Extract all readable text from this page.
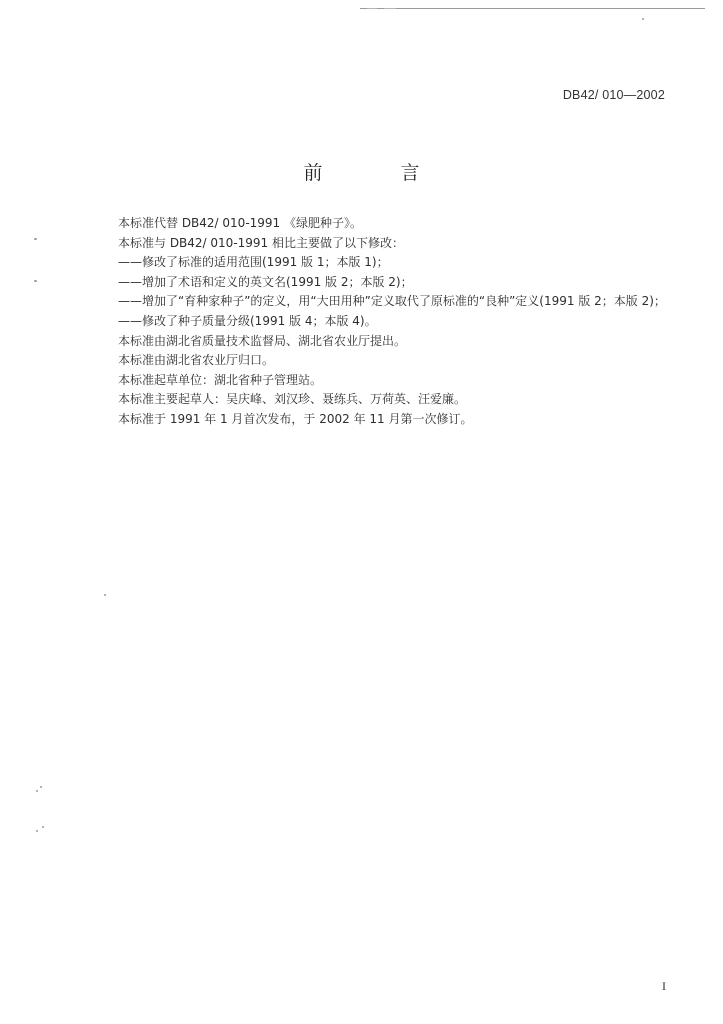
DB42/ 010—2002
前 言

本标准代替 DB42/ 010-1991 《绿肥种子》。

本标准与 DB42/ 010-1991 相比主要做了以下修改：

——修改了标准的适用范围(1991 版 1；本版 1)；

——增加了术语和定义的英文名(1991 版 2；本版 2)；

——增加了“育种家种子”的定义，用“大田用种”定义取代了原标准的“良种”定义(1991 版 2；本版 2)；

——修改了种子质量分级(1991 版 4；本版 4)。

本标准由湖北省质量技术监督局、湖北省农业厅提出。

本标准由湖北省农业厅归口。

本标准起草单位：湖北省种子管理站。

本标准主要起草人：吴庆峰、刘汉珍、聂练兵、万荷英、汪爱廉。

本标准于 1991 年 1 月首次发布，于 2002 年 11 月第一次修订。

I
